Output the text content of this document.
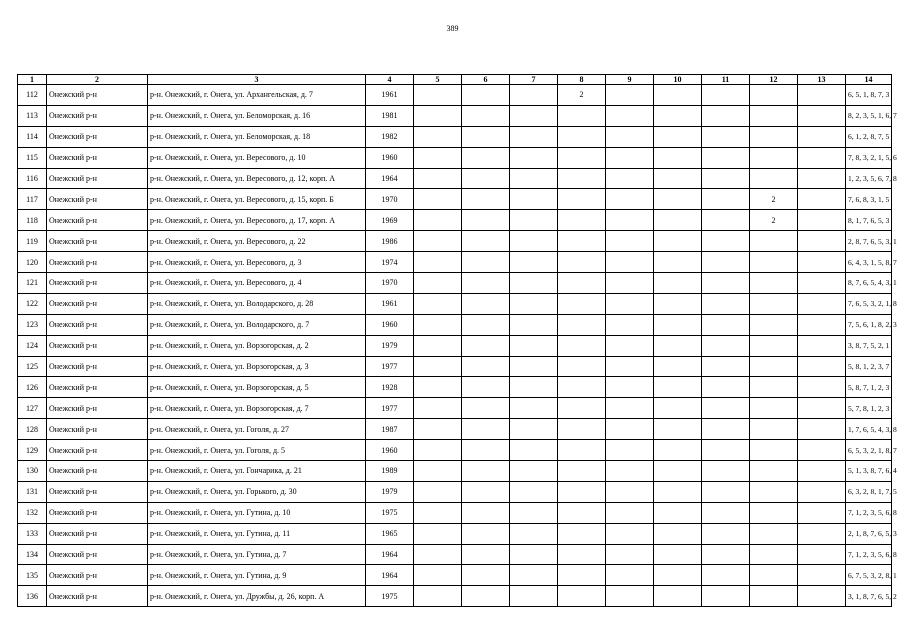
389
1	2	3	4	5	6	7	8	9	10	11	12	13	14
112	Онежский р-н	р-н. Онежский, г. Онега, ул. Архангельская, д. 7	1961				2						6, 5, 1, 8, 7, 3
113	Онежский р-н	р-н. Онежский, г. Онега, ул. Беломорская, д. 16	1981										8, 2, 3, 5, 1, 6, 7
114	Онежский р-н	р-н. Онежский, г. Онега, ул. Беломорская, д. 18	1982										6, 1, 2, 8, 7, 5
115	Онежский р-н	р-н. Онежский, г. Онега, ул. Вересового, д. 10	1960										7, 8, 3, 2, 1, 5, 6
116	Онежский р-н	р-н. Онежский, г. Онега, ул. Вересового, д. 12, корп. А	1964										1, 2, 3, 5, 6, 7, 8
117	Онежский р-н	р-н. Онежский, г. Онега, ул. Вересового, д. 15, корп. Б	1970								2		7, 6, 8, 3, 1, 5
118	Онежский р-н	р-н. Онежский, г. Онега, ул. Вересового, д. 17, корп. А	1969								2		8, 1, 7, 6, 5, 3
119	Онежский р-н	р-н. Онежский, г. Онега, ул. Вересового, д. 22	1986										2, 8, 7, 6, 5, 3, 1
120	Онежский р-н	р-н. Онежский, г. Онега, ул. Вересового, д. 3	1974										6, 4, 3, 1, 5, 8, 7
121	Онежский р-н	р-н. Онежский, г. Онега, ул. Вересового, д. 4	1970										8, 7, 6, 5, 4, 3, 1
122	Онежский р-н	р-н. Онежский, г. Онега, ул. Володарского, д. 28	1961										7, 6, 5, 3, 2, 1, 8
123	Онежский р-н	р-н. Онежский, г. Онега, ул. Володарского, д. 7	1960										7, 5, 6, 1, 8, 2, 3
124	Онежский р-н	р-н. Онежский, г. Онега, ул. Ворзогорская, д. 2	1979										3, 8, 7, 5, 2, 1
125	Онежский р-н	р-н. Онежский, г. Онега, ул. Ворзогорская, д. 3	1977										5, 8, 1, 2, 3, 7
126	Онежский р-н	р-н. Онежский, г. Онега, ул. Ворзогорская, д. 5	1928										5, 8, 7, 1, 2, 3
127	Онежский р-н	р-н. Онежский, г. Онега, ул. Ворзогорская, д. 7	1977										5, 7, 8, 1, 2, 3
128	Онежский р-н	р-н. Онежский, г. Онега, ул. Гоголя, д. 27	1987										1, 7, 6, 5, 4, 3, 8
129	Онежский р-н	р-н. Онежский, г. Онега, ул. Гоголя, д. 5	1960										6, 5, 3, 2, 1, 8, 7
130	Онежский р-н	р-н. Онежский, г. Онега, ул. Гончарика, д. 21	1989										5, 1, 3, 8, 7, 6, 4
131	Онежский р-н	р-н. Онежский, г. Онега, ул. Горького, д. 30	1979										6, 3, 2, 8, 1, 7, 5
132	Онежский р-н	р-н. Онежский, г. Онега, ул. Гутина, д. 10	1975										7, 1, 2, 3, 5, 6, 8
133	Онежский р-н	р-н. Онежский, г. Онега, ул. Гутина, д. 11	1965										2, 1, 8, 7, 6, 5, 3
134	Онежский р-н	р-н. Онежский, г. Онега, ул. Гутина, д. 7	1964										7, 1, 2, 3, 5, 6, 8
135	Онежский р-н	р-н. Онежский, г. Онега, ул. Гутина, д. 9	1964										6, 7, 5, 3, 2, 8, 1
136	Онежский р-н	р-н. Онежский, г. Онега, ул. Дружбы, д. 26, корп. А	1975										3, 1, 8, 7, 6, 5, 2
